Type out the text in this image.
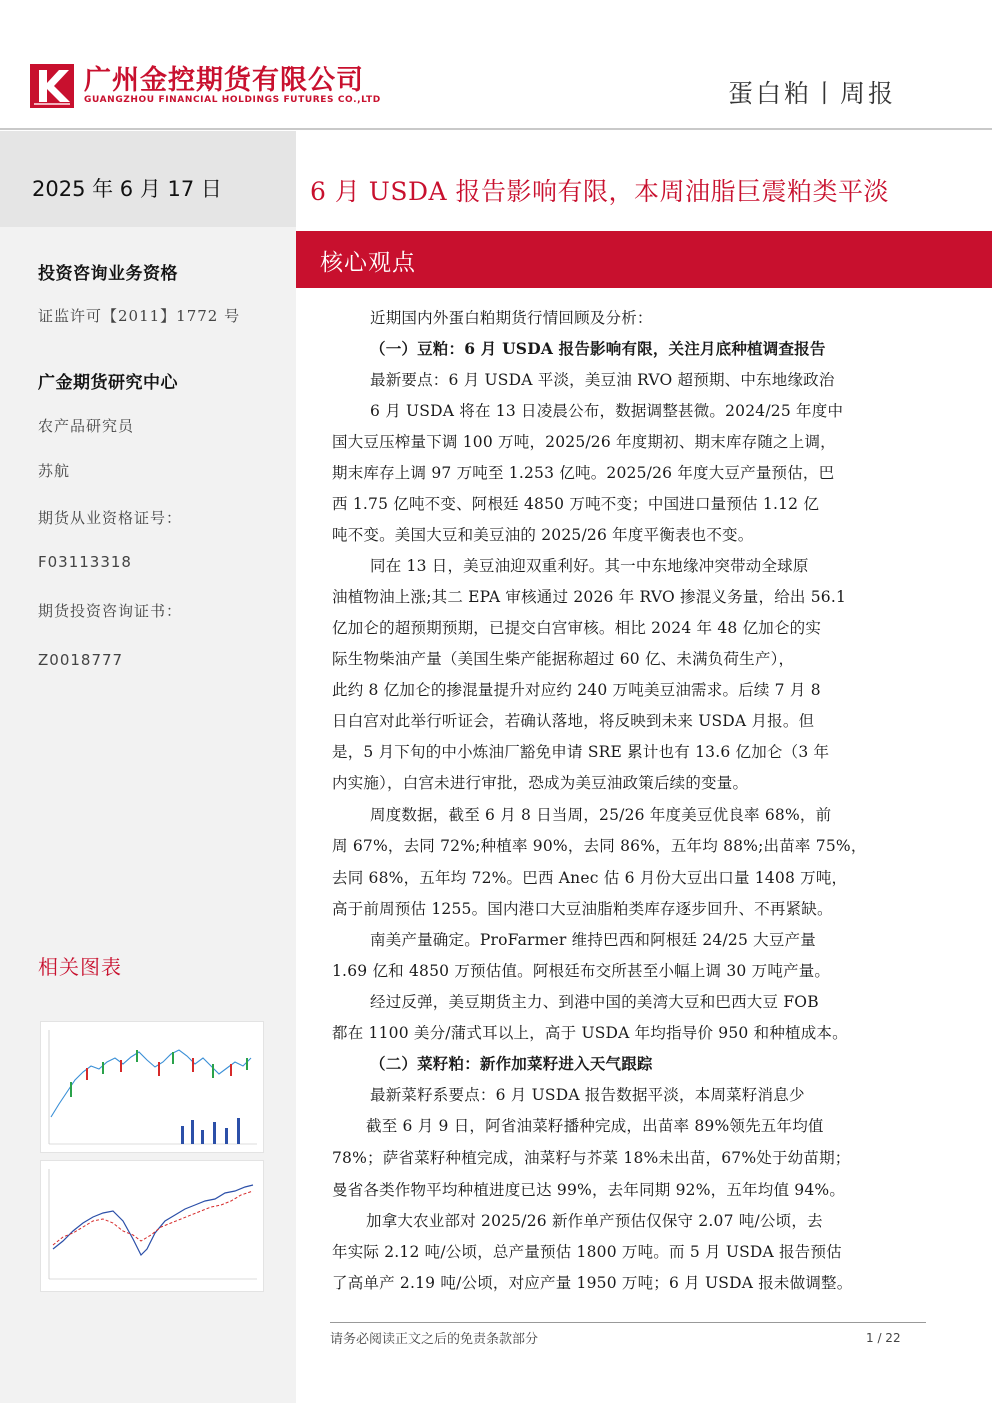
广州金控期货有限公司
GUANGZHOU FINANCIAL HOLDINGS FUTURES CO.,LTD	蛋白粕丨周报
2025 年 6 月 17 日
投资咨询业务资格
证监许可【2011】1772 号
广金期货研究中心
农产品研究员
苏航
期货从业资格证号：
F03113318
期货投资咨询证书：
Z0018777
相关图表
6 月 USDA 报告影响有限，本周油脂巨震粕类平淡
核心观点
近期国内外蛋白粕期货行情回顾及分析：
（一）豆粕：6 月 USDA 报告影响有限，关注月底种植调查报告
最新要点：6 月 USDA 平淡，美豆油 RVO 超预期、中东地缘政治
6 月 USDA 将在 13 日凌晨公布，数据调整甚微。2024/25 年度中
国大豆压榨量下调 100 万吨，2025/26 年度期初、期末库存随之上调，
期末库存上调 97 万吨至 1.253 亿吨。2025/26 年度大豆产量预估，巴
西 1.75 亿吨不变、阿根廷 4850 万吨不变；中国进口量预估 1.12 亿
吨不变。美国大豆和美豆油的 2025/26 年度平衡表也不变。
同在 13 日，美豆油迎双重利好。其一中东地缘冲突带动全球原
油植物油上涨;其二 EPA 审核通过 2026 年 RVO 掺混义务量，给出 56.1
亿加仑的超预期预期，已提交白宫审核。相比 2024 年 48 亿加仑的实
际生物柴油产量（美国生柴产能据称超过 60 亿、未满负荷生产），
此约 8 亿加仑的掺混量提升对应约 240 万吨美豆油需求。后续 7 月 8
日白宫对此举行听证会，若确认落地，将反映到未来 USDA 月报。但
是，5 月下旬的中小炼油厂豁免申请 SRE 累计也有 13.6 亿加仑（3 年
内实施），白宫未进行审批，恐成为美豆油政策后续的变量。
周度数据，截至 6 月 8 日当周，25/26 年度美豆优良率 68%，前
周 67%，去同 72%;种植率 90%，去同 86%，五年均 88%;出苗率 75%，
去同 68%，五年均 72%。巴西 Anec 估 6 月份大豆出口量 1408 万吨，
高于前周预估 1255。国内港口大豆油脂粕类库存逐步回升、不再紧缺。
南美产量确定。ProFarmer 维持巴西和阿根廷 24/25 大豆产量
1.69 亿和 4850 万预估值。阿根廷布交所甚至小幅上调 30 万吨产量。
经过反弹，美豆期货主力、到港中国的美湾大豆和巴西大豆 FOB
都在 1100 美分/蒲式耳以上，高于 USDA 年均指导价 950 和种植成本。
（二）菜籽粕：新作加菜籽进入天气跟踪
最新菜籽系要点：6 月 USDA 报告数据平淡，本周菜籽消息少
截至 6 月 9 日，阿省油菜籽播种完成，出苗率 89%领先五年均值
78%；萨省菜籽种植完成，油菜籽与芥菜 18%未出苗，67%处于幼苗期；
曼省各类作物平均种植进度已达 99%，去年同期 92%，五年均值 94%。
加拿大农业部对 2025/26 新作单产预估仅保守 2.07 吨/公顷，去
年实际 2.12 吨/公顷，总产量预估 1800 万吨。而 5 月 USDA 报告预估
了高单产 2.19 吨/公顷，对应产量 1950 万吨；6 月 USDA 报未做调整。
请务必阅读正文之后的免责条款部分	1 / 22
